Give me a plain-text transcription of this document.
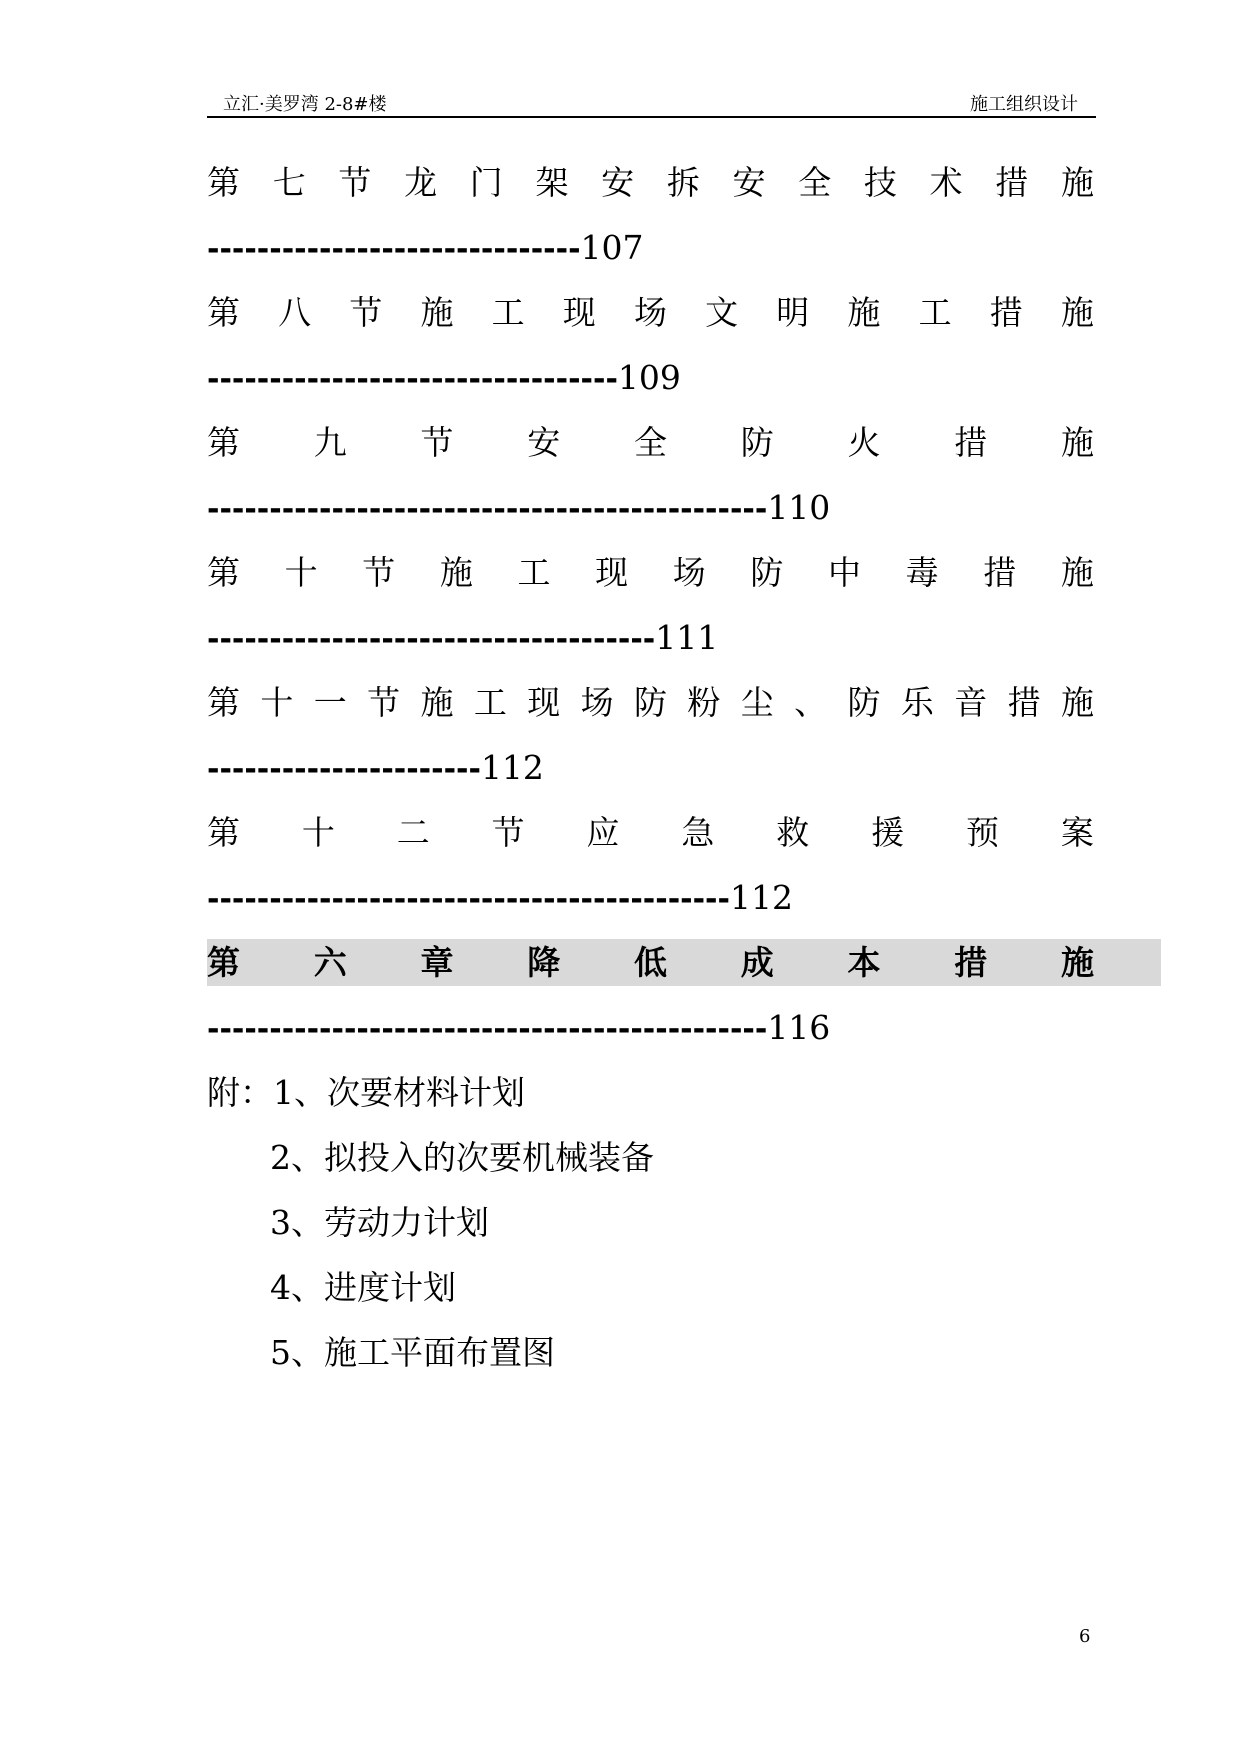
立汇·美罗湾 2-8#楼	施工组织设计
第 七 节 龙 门 架 安 拆 安 全 技 术 措 施
------------------------------107
第 八 节 施 工 现 场 文 明 施 工 措 施
---------------------------------109
第 九 节 安 全 防 火 措 施
---------------------------------------------110
第 十 节 施 工 现 场 防 中 毒 措 施
------------------------------------111
第 十 一 节 施 工 现 场 防 粉 尘 、 防 乐 音 措 施
----------------------112
第 十 二 节 应 急 救 援 预 案
------------------------------------------112
第 六 章 降 低 成 本 措 施
---------------------------------------------116
附：1、次要材料计划
2、拟投入的次要机械装备
3、劳动力计划
4、进度计划
5、施工平面布置图
6
